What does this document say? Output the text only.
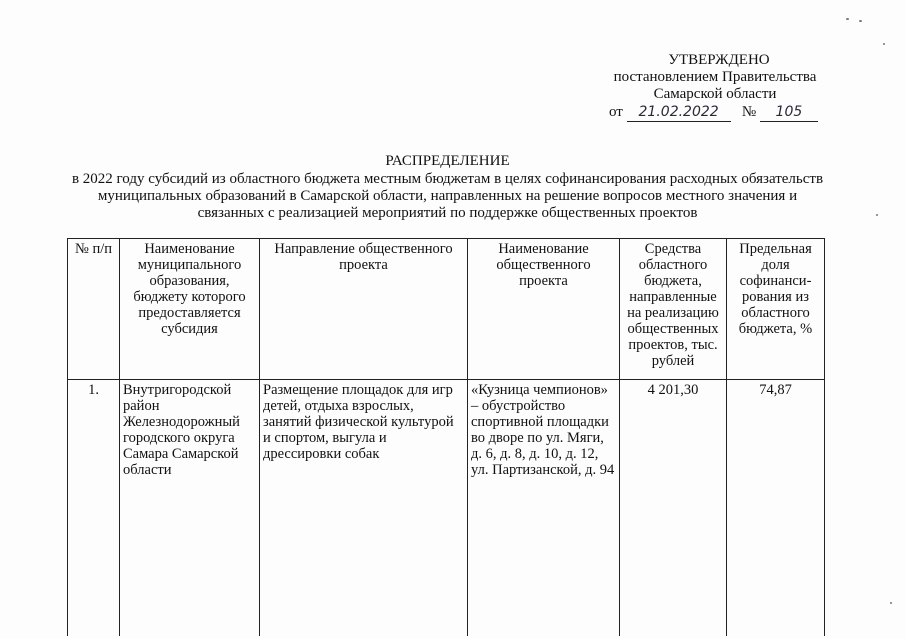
УТВЕРЖДЕНО
постановлением Правительства
Самарской области
от 21.02.2022 № 105
РАСПРЕДЕЛЕНИЕ
в 2022 году субсидий из областного бюджета местным бюджетам в целях софинансирования расходных обязательств
муниципальных образований в Самарской области, направленных на решение вопросов местного значения и
связанных с реализацией мероприятий по поддержке общественных проектов
№ п/п	Наименование муниципального образования, бюджету которого предоставляется субсидия	Направление общественного проекта	Наименование общественного проекта	Средства областного бюджета, направленные на реализацию общественных проектов, тыс. рублей	Предельная доля софинанси-рования из областного бюджета, %
1.	Внутригородской район Железнодорожный городского округа Самара Самарской области	Размещение площадок для игр детей, отдыха взрослых, занятий физической культурой и спортом, выгула и дрессировки собак	«Кузница чемпионов» – обустройство спортивной площадки во дворе по ул. Мяги, д. 6, д. 8, д. 10, д. 12, ул. Партизанской, д. 94	4 201,30	74,87
